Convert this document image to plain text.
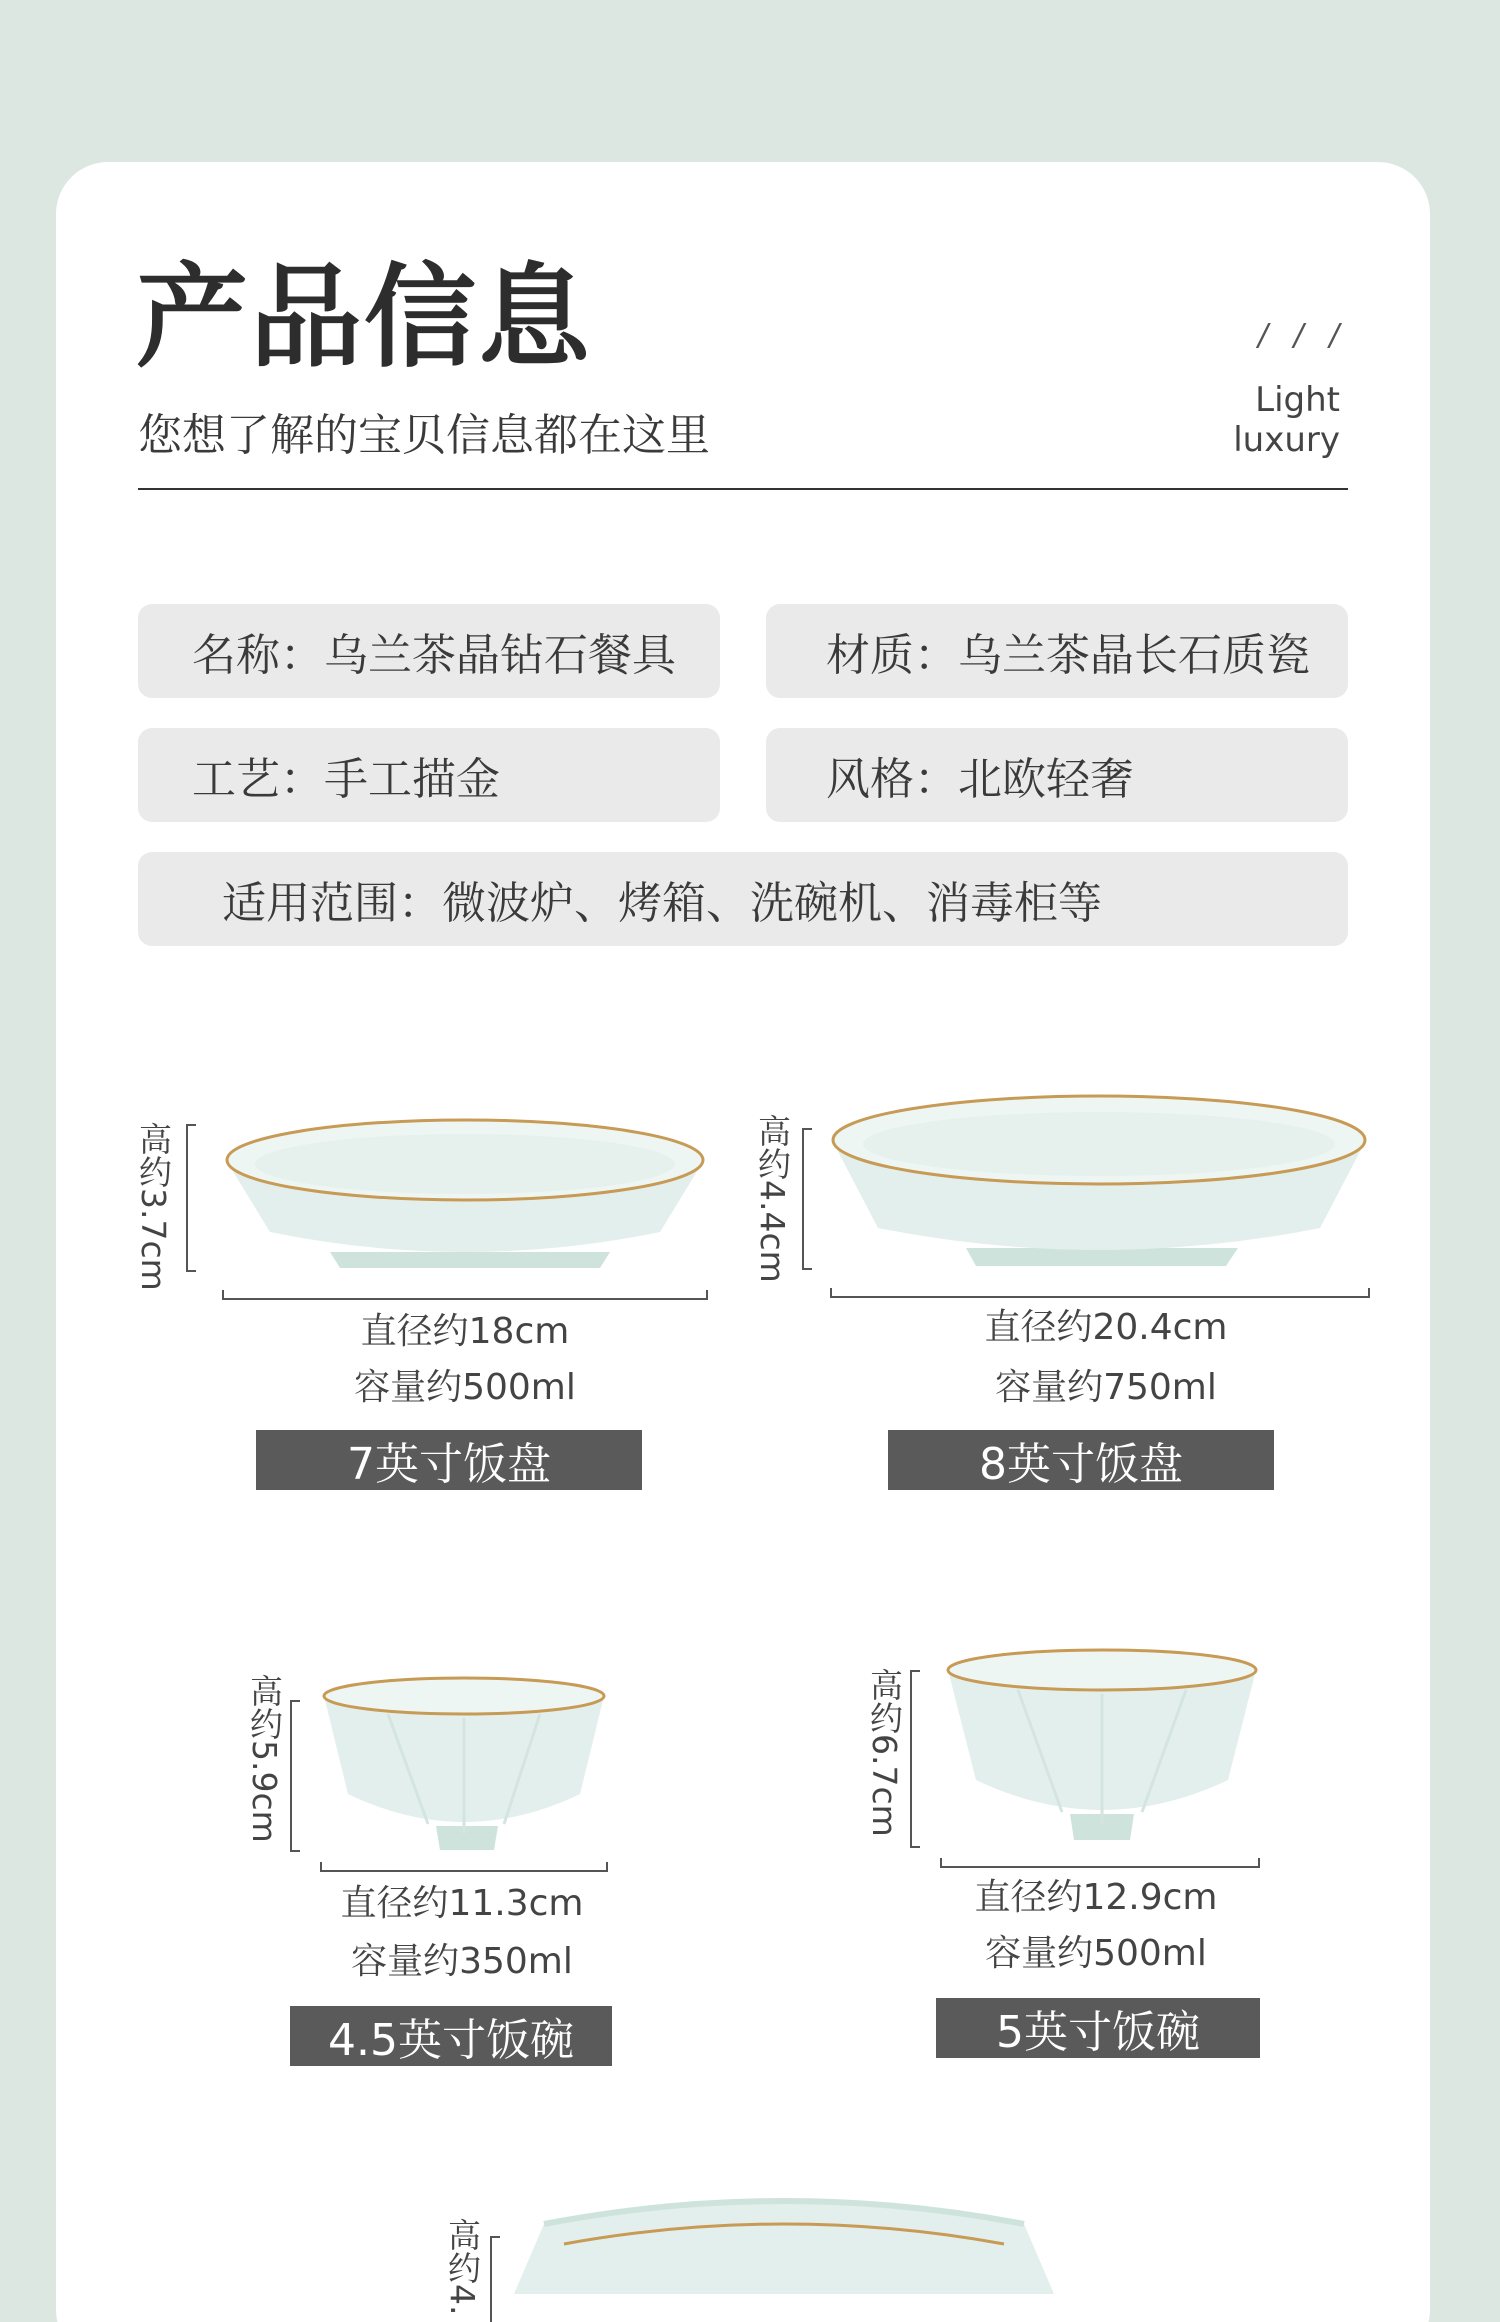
产品信息
您想了解的宝贝信息都在这里
/ / /
Light
luxury
名称 ：	乌兰茶晶钻石餐具	材质 ：	乌兰茶晶长石质瓷
工艺 ：	手工描金	风格 ：	北欧轻奢
适用范围 ：	微波炉、烤箱、洗碗机、消毒柜等
高约3.7cm
直径约18cm
容量约500ml
7英寸饭盘
高约4.4cm
直径约20.4cm
容量约750ml
8英寸饭盘
高约5.9cm
直径约11.3cm
容量约350ml
4.5英寸饭碗
高约6.7cm
直径约12.9cm
容量约500ml
5英寸饭碗
高约4.
